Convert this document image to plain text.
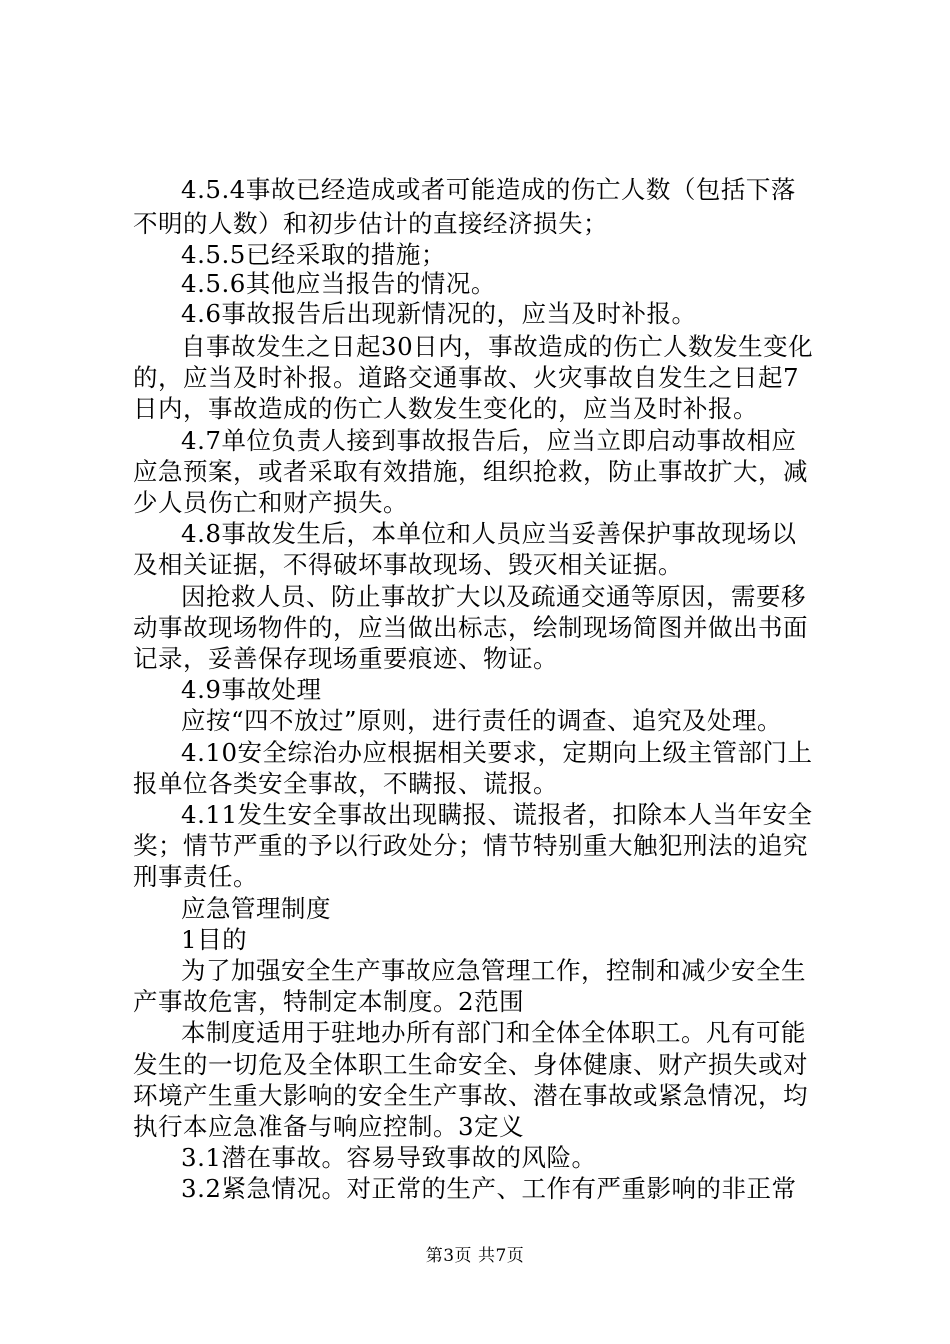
4.5.4事故已经造成或者可能造成的伤亡人数（包括下落
不明的人数）和初步估计的直接经济损失；
4.5.5已经采取的措施；
4.5.6其他应当报告的情况。
4.6事故报告后出现新情况的，应当及时补报。
自事故发生之日起30日内，事故造成的伤亡人数发生变化
的，应当及时补报。道路交通事故、火灾事故自发生之日起7
日内，事故造成的伤亡人数发生变化的，应当及时补报。
4.7单位负责人接到事故报告后，应当立即启动事故相应
应急预案，或者采取有效措施，组织抢救，防止事故扩大，减
少人员伤亡和财产损失。
4.8事故发生后，本单位和人员应当妥善保护事故现场以
及相关证据，不得破坏事故现场、毁灭相关证据。
因抢救人员、防止事故扩大以及疏通交通等原因，需要移
动事故现场物件的，应当做出标志，绘制现场简图并做出书面
记录，妥善保存现场重要痕迹、物证。
4.9事故处理
应按“四不放过”原则，进行责任的调查、追究及处理。
4.10安全综治办应根据相关要求，定期向上级主管部门上
报单位各类安全事故，不瞒报、谎报。
4.11发生安全事故出现瞒报、谎报者，扣除本人当年安全
奖；情节严重的予以行政处分；情节特别重大触犯刑法的追究
刑事责任。
应急管理制度
1目的
为了加强安全生产事故应急管理工作，控制和减少安全生
产事故危害，特制定本制度。2范围
本制度适用于驻地办所有部门和全体全体职工。凡有可能
发生的一切危及全体职工生命安全、身体健康、财产损失或对
环境产生重大影响的安全生产事故、潜在事故或紧急情况，均
执行本应急准备与响应控制。3定义
3.1潜在事故。容易导致事故的风险。
3.2紧急情况。对正常的生产、工作有严重影响的非正常
第3页 共7页
